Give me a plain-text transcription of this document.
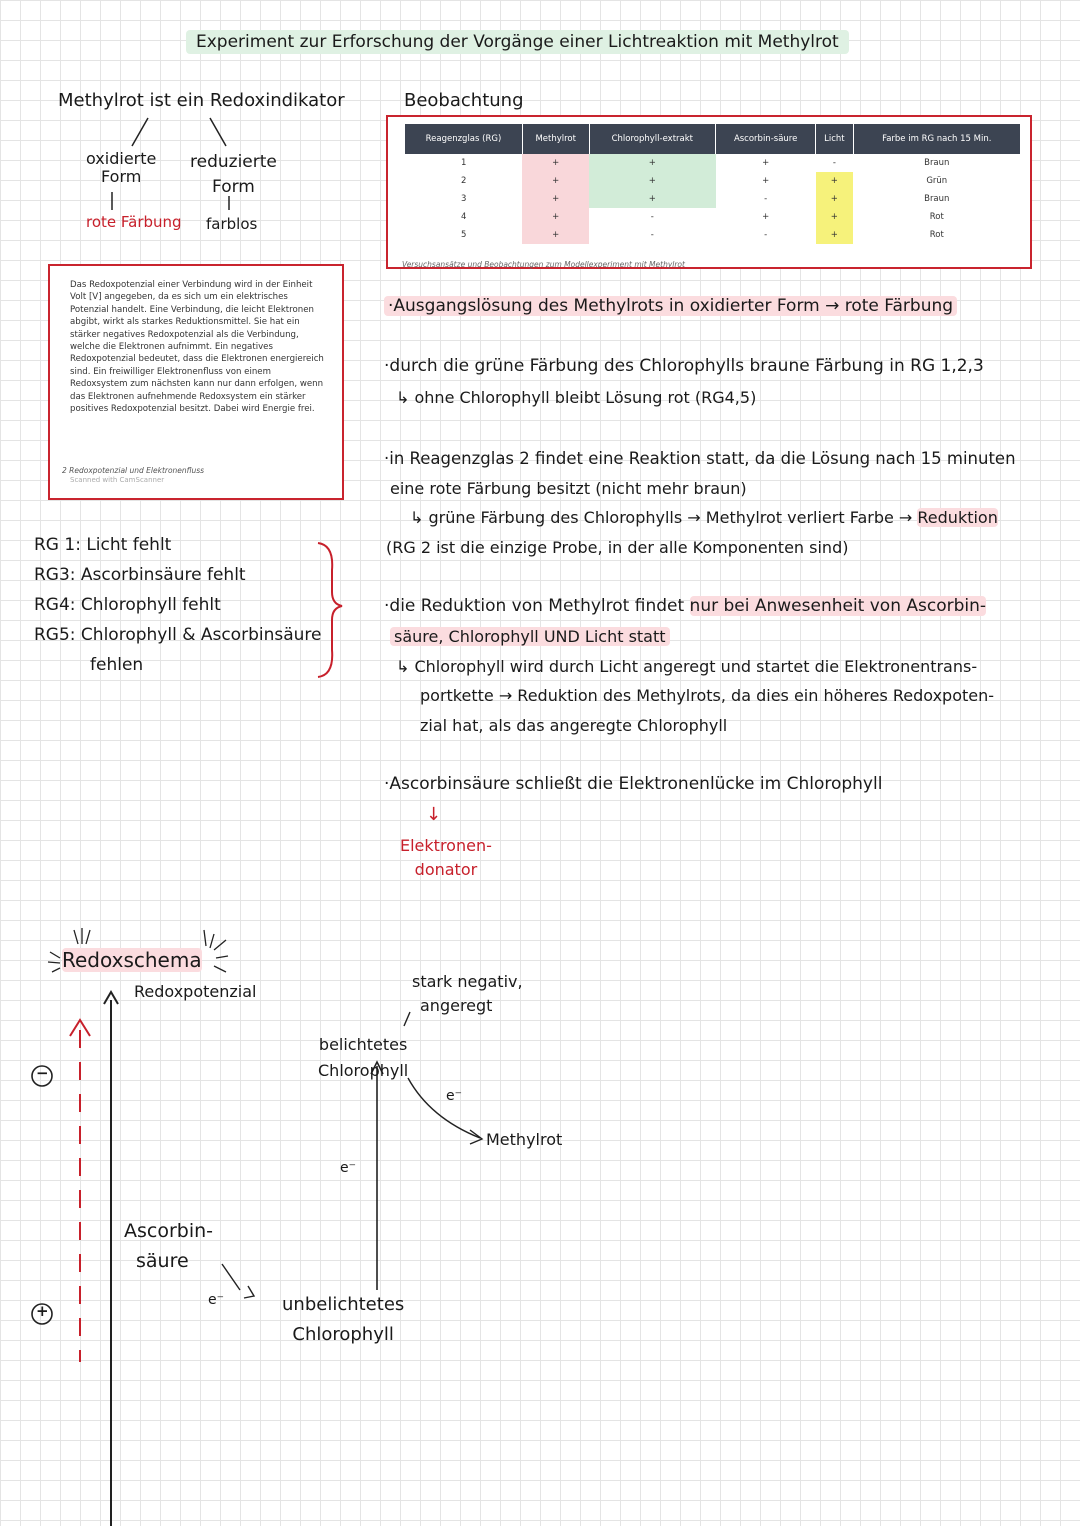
Experiment zur Erforschung der Vorgänge einer Lichtreaktion mit Methylrot
Methylrot ist ein Redoxindikator
oxidierte
Form
reduzierte
Form
rote Färbung farblos
Das Redoxpotenzial einer Verbindung wird in der Einheit Volt [V] angegeben, da es sich um ein elektrisches Potenzial handelt. Eine Verbindung, die leicht Elektronen abgibt, wirkt als starkes Reduktionsmittel. Sie hat ein stärker negatives Redoxpotenzial als die Verbindung, welche die Elektronen aufnimmt. Ein negatives Redoxpotenzial bedeutet, dass die Elektronen energiereich sind. Ein freiwilliger Elektronenfluss von einem Redoxsystem zum nächsten kann nur dann erfolgen, wenn das Elektronen aufnehmende Redoxsystem ein stärker positives Redoxpotenzial besitzt. Dabei wird Energie frei.
2 Redoxpotenzial und Elektronenfluss
Scanned with CamScanner
Beobachtung
Reagenzglas (RG)	Methylrot	Chlorophyll-extrakt	Ascorbin-säure	Licht	Farbe im RG nach 15 Min.
1	+	+	+	-	Braun
2	+	+	+	+	Grün
3	+	+	-	+	Braun
4	+	-	+	+	Rot
5	+	-	-	+	Rot
Versuchsansätze und Beobachtungen zum Modellexperiment mit Methylrot
·Ausgangslösung des Methylrots in oxidierter Form → rote Färbung
·durch die grüne Färbung des Chlorophylls braune Färbung in RG 1,2,3
↳ ohne Chlorophyll bleibt Lösung rot (RG4,5)
·in Reagenzglas 2 findet eine Reaktion statt, da die Lösung nach 15 minuten
eine rote Färbung besitzt (nicht mehr braun)
↳ grüne Färbung des Chlorophylls → Methylrot verliert Farbe → Reduktion
(RG 2 ist die einzige Probe, in der alle Komponenten sind)
·die Reduktion von Methylrot findet nur bei Anwesenheit von Ascorbin-
säure, Chlorophyll UND Licht statt
↳ Chlorophyll wird durch Licht angeregt und startet die Elektronentrans-
portkette → Reduktion des Methylrots, da dies ein höheres Redoxpoten-
zial hat, als das angeregte Chlorophyll
·Ascorbinsäure schließt die Elektronenlücke im Chlorophyll
↓
Elektronen-
donator
RG 1: Licht fehlt
RG3: Ascorbinsäure fehlt
RG4: Chlorophyll fehlt
RG5: Chlorophyll & Ascorbinsäure
fehlen
Redoxschema
Redoxpotenzial
−
+
stark negativ,
angeregt
belichtetes
Chlorophyll
e⁻
Methylrot
e⁻
Ascorbin-
säure
e⁻	unbelichtetes
Chlorophyll
